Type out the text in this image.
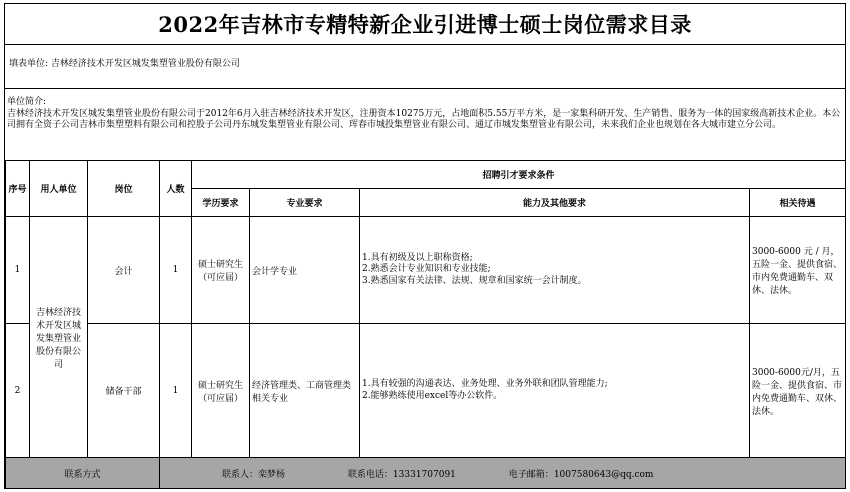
2022年吉林市专精特新企业引进博士硕士岗位需求目录
填表单位: 吉林经济技术开发区城发集塑管业股份有限公司
单位简介:
吉林经济技术开发区城发集塑管业股份有限公司于2012年6月入驻吉林经济技术开发区，注册资本10275万元，占地面积5.55万平方米，是一家集科研开发、生产销售、服务为一体的国家级高新技术企业。本公司拥有全资子公司吉林市集塑塑料有限公司和控股子公司丹东城发集塑管业有限公司、珲春市城投集塑管业有限公司、通辽市城发集塑管业有限公司，未来我们企业也规划在各大城市建立分公司。
序号	用人单位	岗位	人数	招聘引才要求条件			
				学历要求	专业要求	能力及其他要求	相关待遇
1	吉林经济技术开发区城发集塑管业股份有限公司	会计	1	硕士研究生（可应届）	会计学专业	1.具有初级及以上职称资格;
2.熟悉会计专业知识和专业技能;
3.熟悉国家有关法律、法规、规章和国家统一会计制度。	3000-6000 元 / 月， 五险一金、提供食宿、市内免费通勤车、双休、法休。
2		储备干部	1	硕士研究生（可应届）	经济管理类、工商管理类相关专业	1.具有较强的沟通表达、业务处理、业务外联和团队管理能力;
2.能够熟练使用excel等办公软件。	3000-6000元/月，五险一金、提供食宿、市内免费通勤车、双休、法休。
联系方式			联系人：栾梦杨 联系电话：13331707091 电子邮箱：1007580643@qq.com				
